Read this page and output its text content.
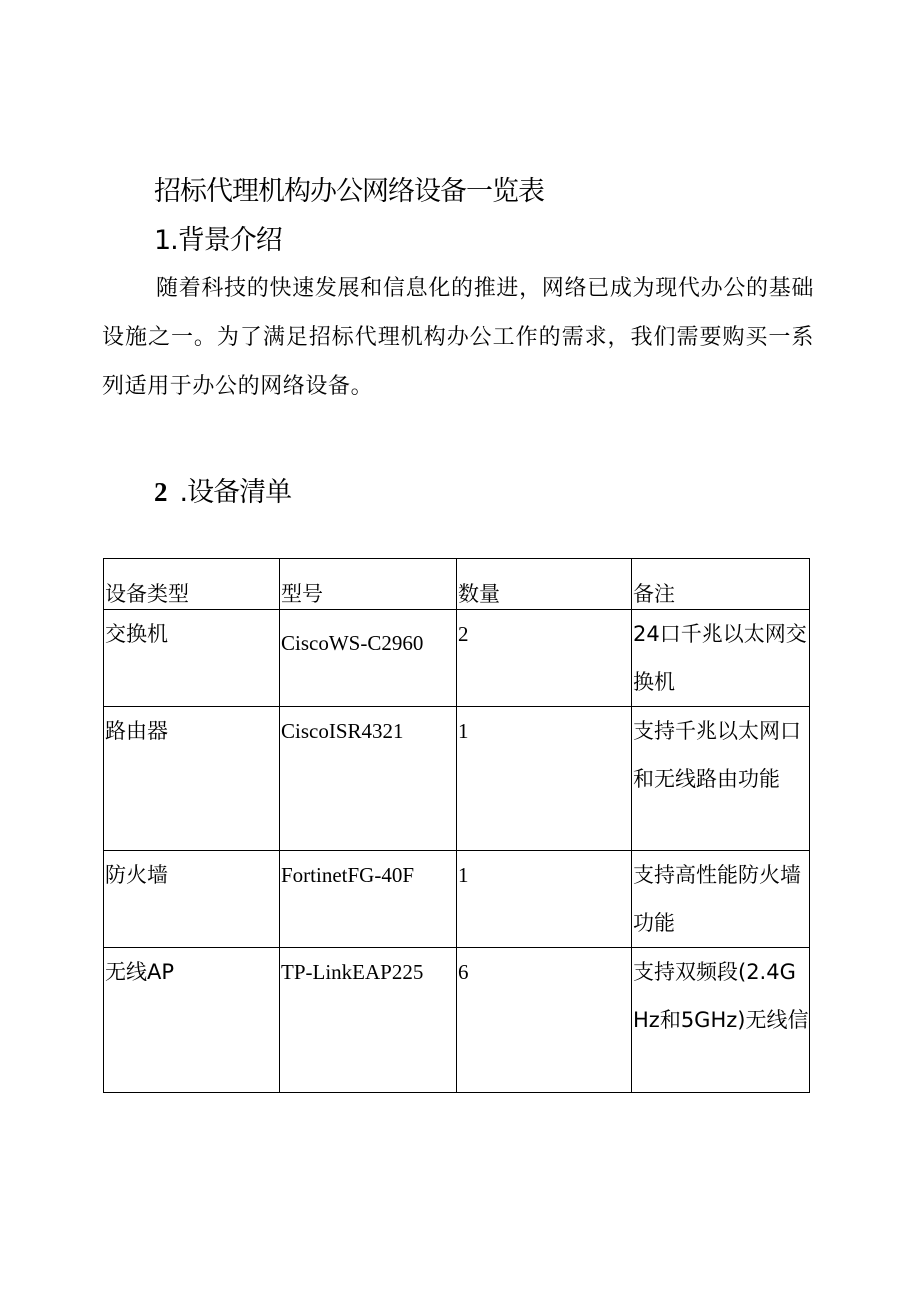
招标代理机构办公网络设备一览表
1.背景介绍
随着科技的快速发展和信息化的推进，网络已成为现代办公的基础设施之一。为了满足招标代理机构办公工作的需求，我们需要购买一系列适用于办公的网络设备。
2 .设备清单
设备类型	型号	数量	备注
交换机	CiscoWS-C2960	2	24口千兆以太网交换机
路由器	CiscoISR4321	1	支持千兆以太网口和无线路由功能
防火墙	FortinetFG-40F	1	支持高性能防火墙功能
无线AP	TP-LinkEAP225	6	支持双频段(2.4GHz和5GHz)无线信
